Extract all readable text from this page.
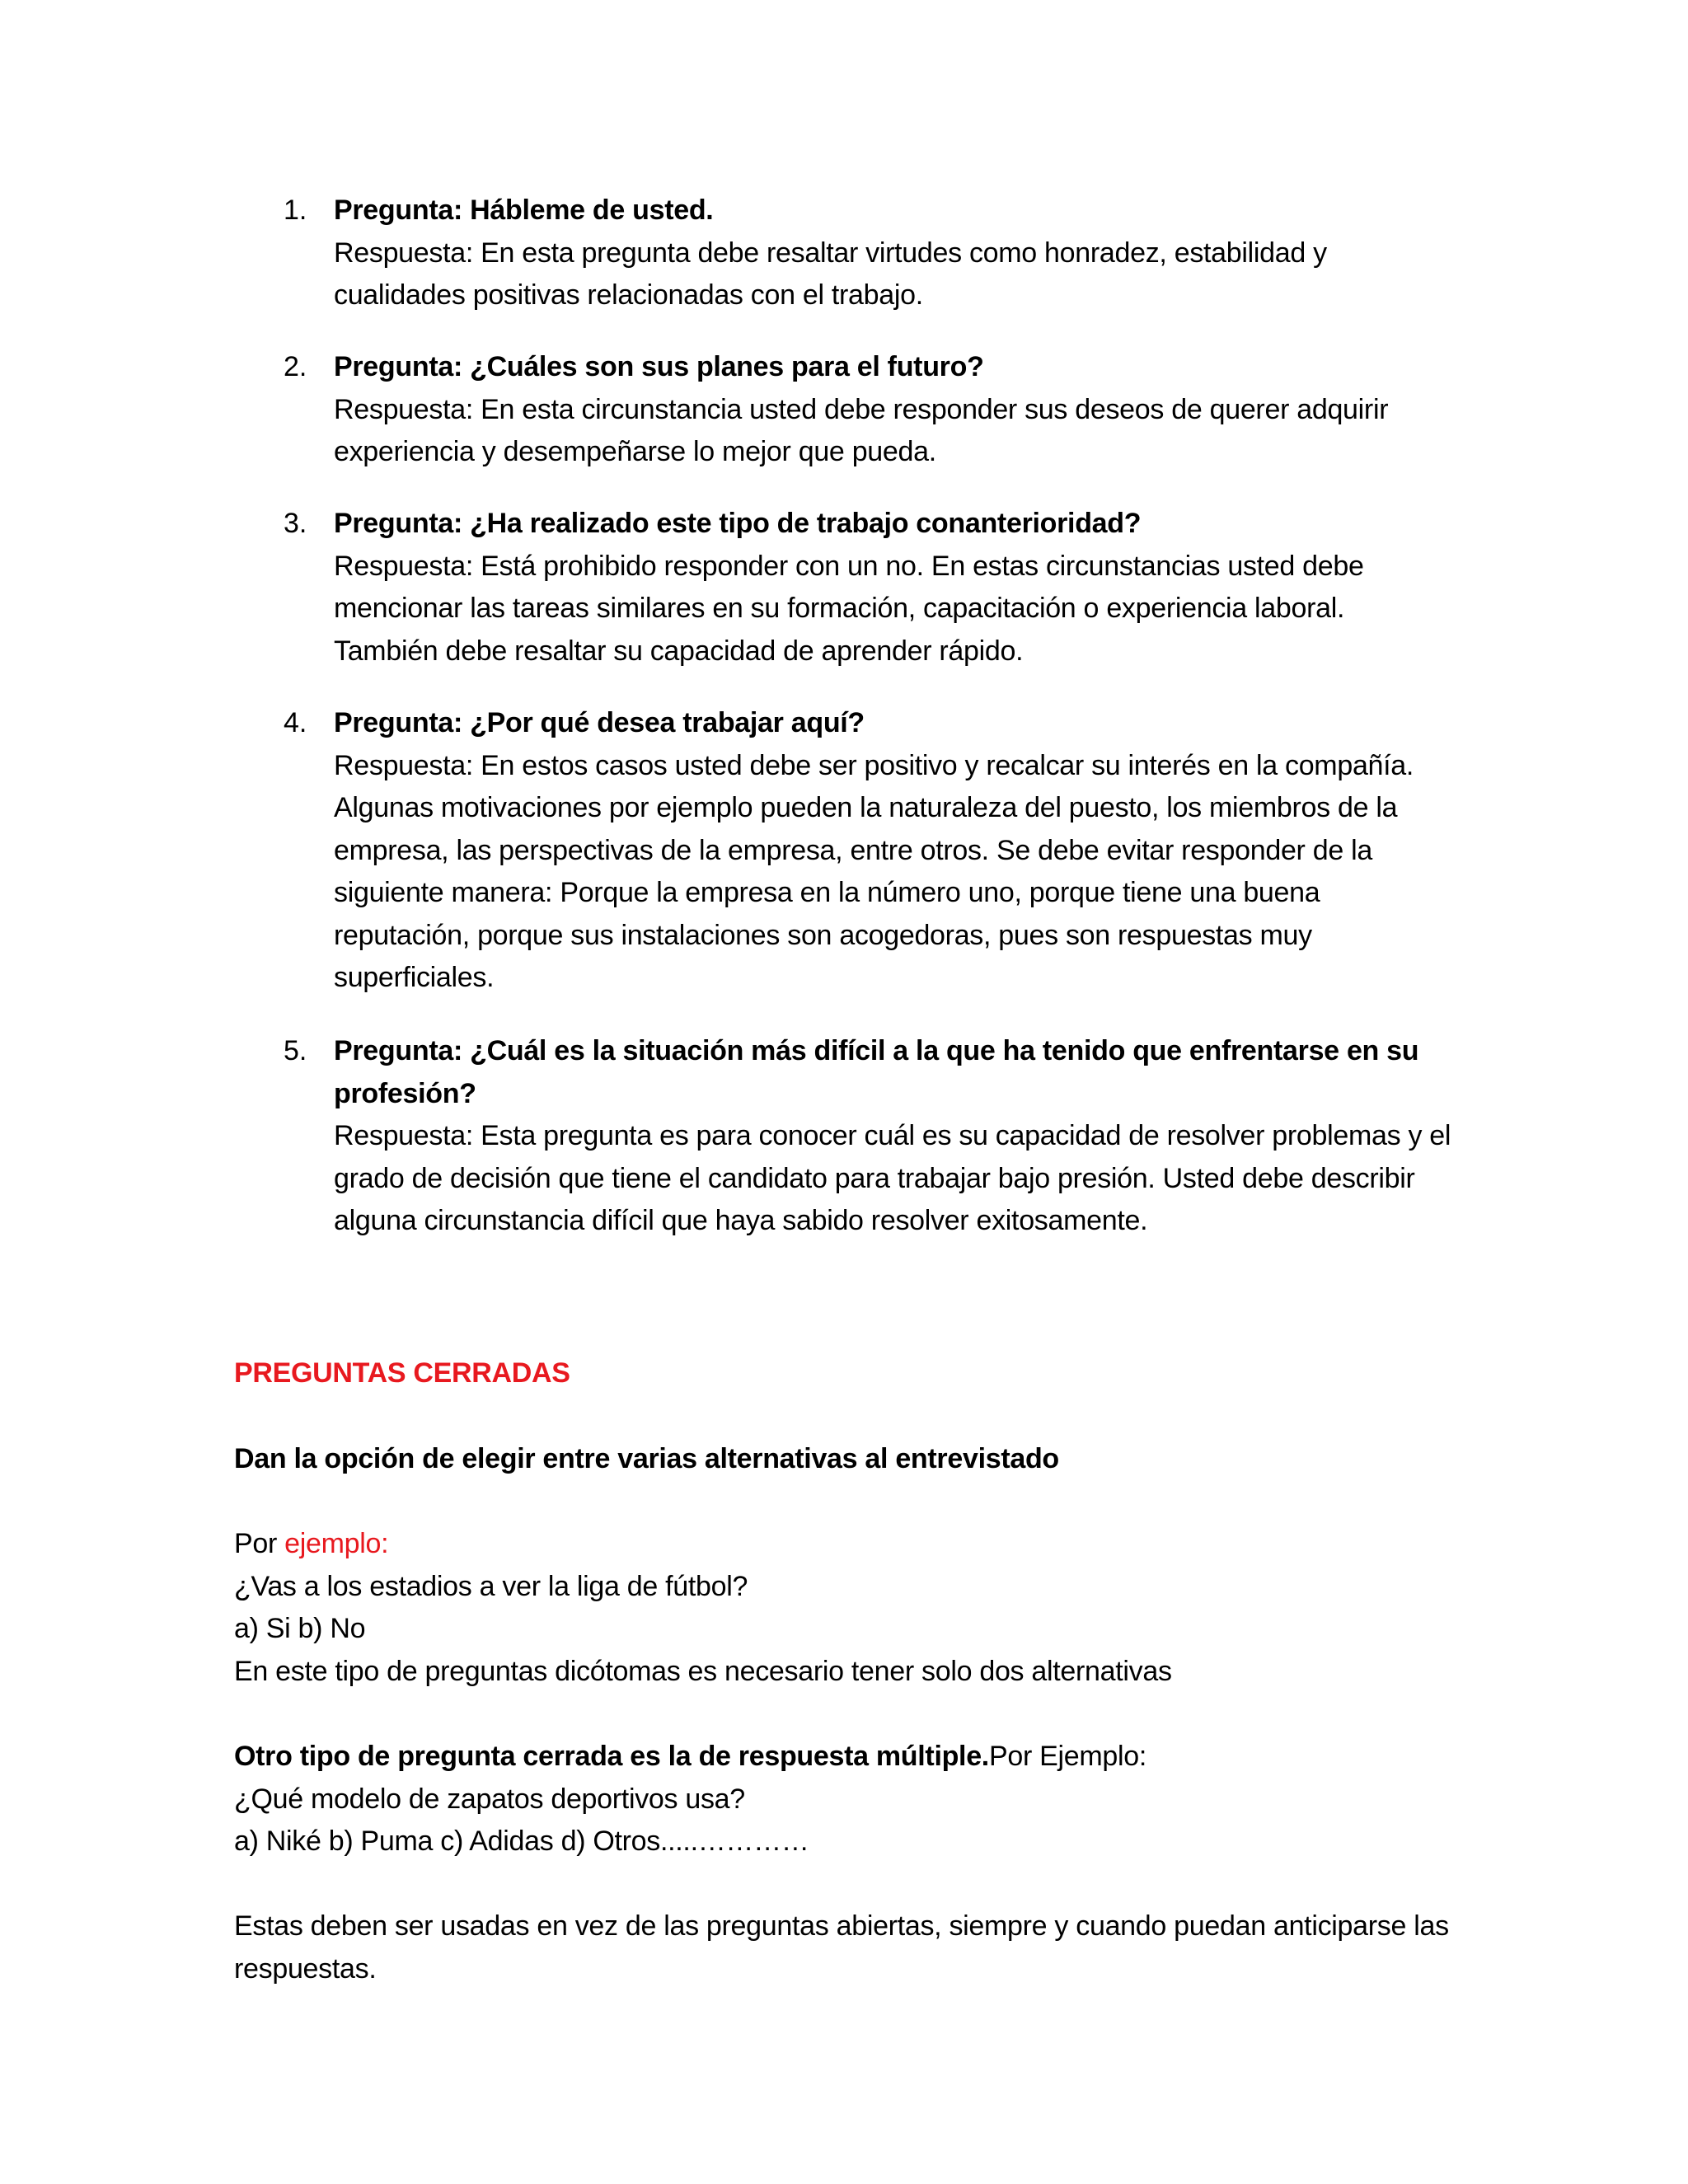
1. Pregunta: Hábleme de usted.
Respuesta: En esta pregunta debe resaltar virtudes como honradez, estabilidad y cualidades positivas relacionadas con el trabajo.
2. Pregunta: ¿Cuáles son sus planes para el futuro?
Respuesta: En esta circunstancia usted debe responder sus deseos de querer adquirir experiencia y desempeñarse lo mejor que pueda.
3. Pregunta: ¿Ha realizado este tipo de trabajo conanterioridad?
Respuesta: Está prohibido responder con un no. En estas circunstancias usted debe mencionar las tareas similares en su formación, capacitación o experiencia laboral. También debe resaltar su capacidad de aprender rápido.
4. Pregunta: ¿Por qué desea trabajar aquí?
Respuesta: En estos casos usted debe ser positivo y recalcar su interés en la compañía. Algunas motivaciones por ejemplo pueden la naturaleza del puesto, los miembros de la empresa, las perspectivas de la empresa, entre otros. Se debe evitar responder de la siguiente manera: Porque la empresa en la número uno, porque tiene una buena reputación, porque sus instalaciones son acogedoras, pues son respuestas muy superficiales.
5. Pregunta: ¿Cuál es la situación más difícil a la que ha tenido que enfrentarse en su profesión?
Respuesta: Esta pregunta es para conocer cuál es su capacidad de resolver problemas y el grado de decisión que tiene el candidato para trabajar bajo presión. Usted debe describir alguna circunstancia difícil que haya sabido resolver exitosamente.
PREGUNTAS CERRADAS
Dan la opción de elegir entre varias alternativas al entrevistado
Por ejemplo:
¿Vas a los estadios a ver la liga de fútbol?
a) Si b) No
En este tipo de preguntas dicótomas es necesario tener solo dos alternativas
Otro tipo de pregunta cerrada es la de respuesta múltiple.Por Ejemplo:
¿Qué modelo de zapatos deportivos usa?
a) Niké b) Puma c) Adidas d) Otros.....…………
Estas deben ser usadas en vez de las preguntas abiertas, siempre y cuando puedan anticiparse las respuestas.
